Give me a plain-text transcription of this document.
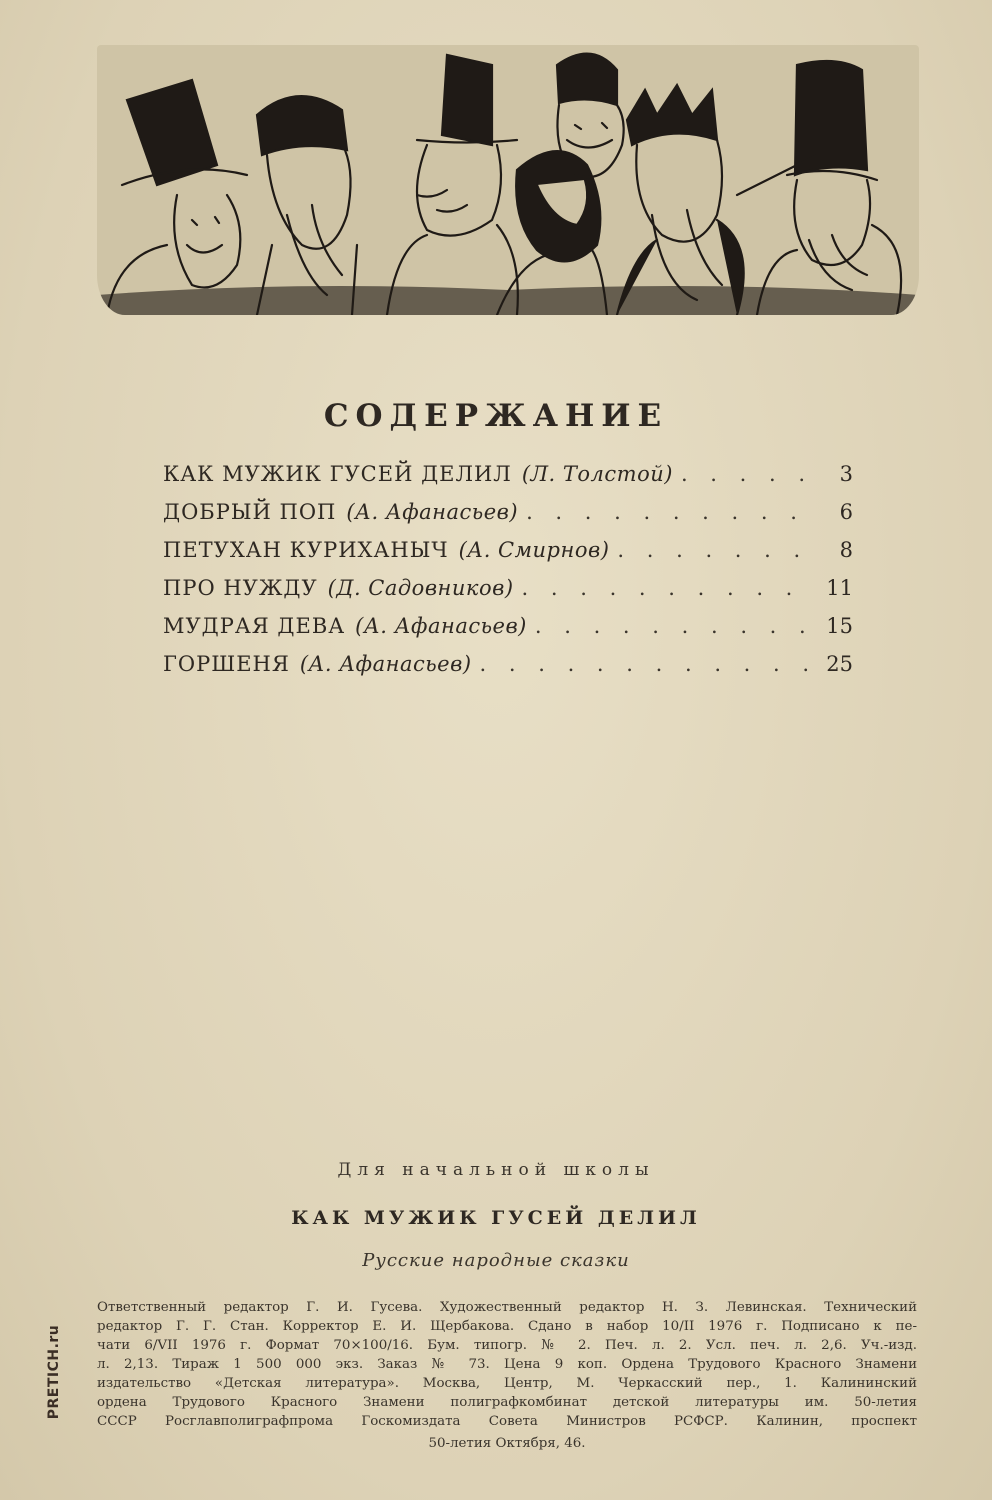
СОДЕРЖАНИЕ
КАК МУЖИК ГУСЕЙ ДЕЛИЛ (Л. Толстой) . . .	3
ДОБРЫЙ ПОП (А. Афанасьев) . . .	6
ПЕТУХАН КУРИХАНЫЧ (А. Смирнов) . . .	8
ПРО НУЖДУ (Д. Садовников) . . .	11
МУДРАЯ ДЕВА (А. Афанасьев) . . .	15
ГОРШЕНЯ (А. Афанасьев) . . .	25
Для начальной школы
КАК МУЖИК ГУСЕЙ ДЕЛИЛ
Русские народные сказки
Ответственный редактор Г. И. Гусева. Художественный редактор Н. З. Левинская. Технический
редактор Г. Г. Стан. Корректор Е. И. Щербакова. Сдано в набор 10/II 1976 г. Подписано к пе-
чати 6/VII 1976 г. Формат 70×100/16. Бум. типогр. № 2. Печ. л. 2. Усл. печ. л. 2,6. Уч.-изд.
л. 2,13. Тираж 1 500 000 экз. Заказ № 73. Цена 9 коп. Ордена Трудового Красного Знамени
издательство «Детская литература». Москва, Центр, М. Черкасский пер., 1. Калининский
ордена Трудового Красного Знамени полиграфкомбинат детской литературы им. 50-летия
СССР Росглавполиграфпрома Госкомиздата Совета Министров РСФСР. Калинин, проспект
50-летия Октября, 46.
PRETICH.ru
